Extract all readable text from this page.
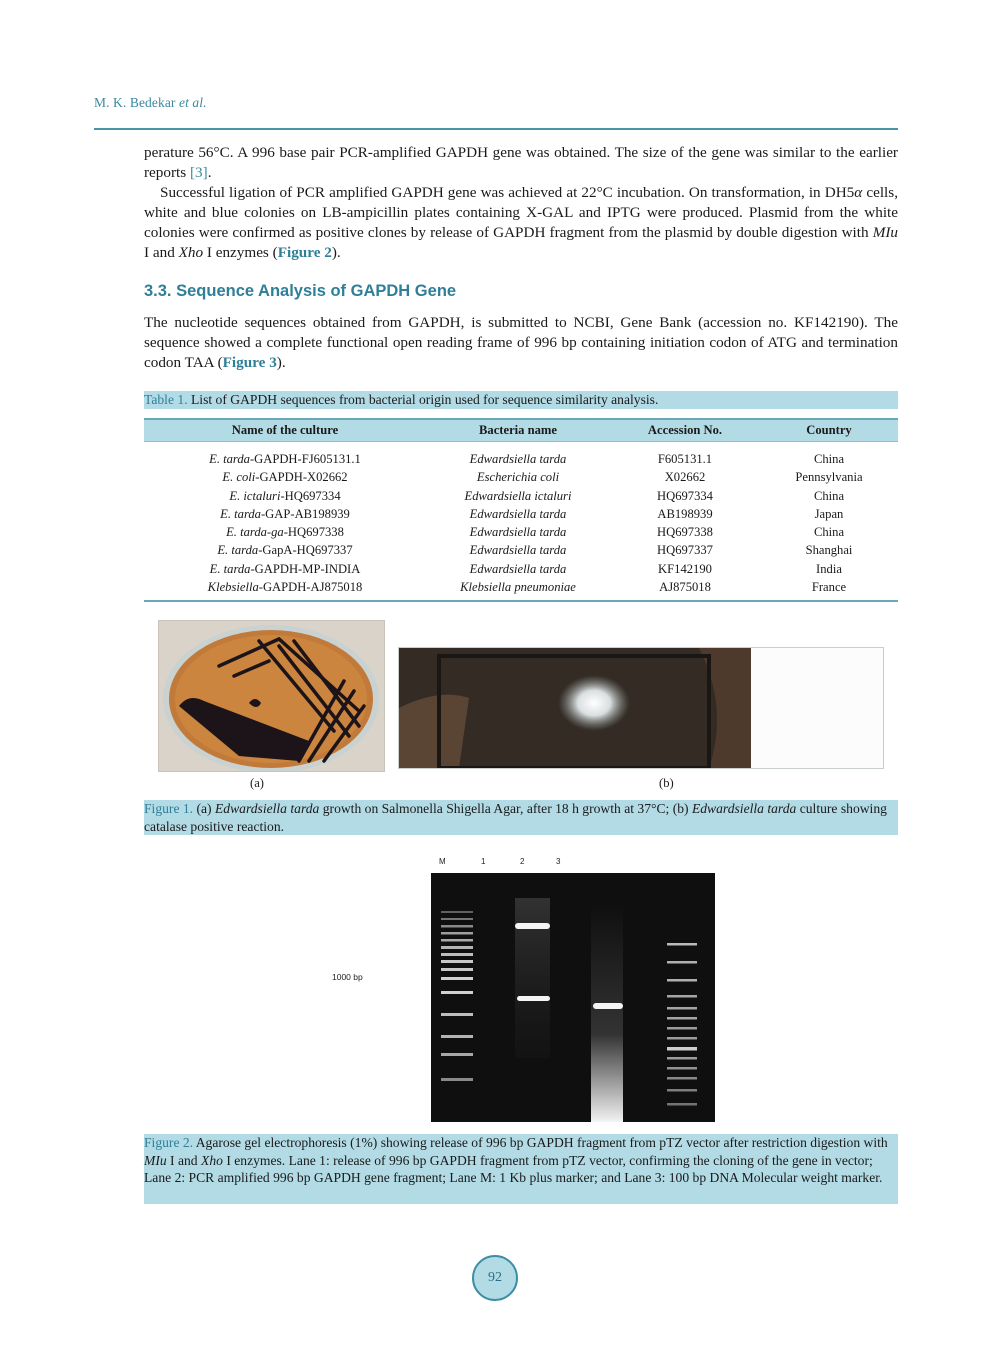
M. K. Bedekar et al.

perature 56°C. A 996 base pair PCR-amplified GAPDH gene was obtained. The size of the gene was similar to the earlier reports [3].

Successful ligation of PCR amplified GAPDH gene was achieved at 22°C incubation. On transformation, in DH5α cells, white and blue colonies on LB-ampicillin plates containing X-GAL and IPTG were produced. Plasmid from the white colonies were confirmed as positive clones by release of GAPDH fragment from the plasmid by double digestion with MIu I and Xho I enzymes (Figure 2).

3.3. Sequence Analysis of GAPDH Gene

The nucleotide sequences obtained from GAPDH, is submitted to NCBI, Gene Bank (accession no. KF142190). The sequence showed a complete functional open reading frame of 996 bp containing initiation codon of ATG and termination codon TAA (Figure 3).

Table 1. List of GAPDH sequences from bacterial origin used for sequence similarity analysis.
Name of the culture	Bacteria name	Accession No.	Country
E. tarda-GAPDH-FJ605131.1	Edwardsiella tarda	F605131.1	China
E. coli-GAPDH-X02662	Escherichia coli	X02662	Pennsylvania
E. ictaluri-HQ697334	Edwardsiella ictaluri	HQ697334	China
E. tarda-GAP-AB198939	Edwardsiella tarda	AB198939	Japan
E. tarda-ga-HQ697338	Edwardsiella tarda	HQ697338	China
E. tarda-GapA-HQ697337	Edwardsiella tarda	HQ697337	Shanghai
E. tarda-GAPDH-MP-INDIA	Edwardsiella tarda	KF142190	India
Klebsiella-GAPDH-AJ875018	Klebsiella pneumoniae	AJ875018	France
(a)	(b)
Figure 1. (a) Edwardsiella tarda growth on Salmonella Shigella Agar, after 18 h growth at 37°C; (b) Edwardsiella tarda culture showing catalase positive reaction.
M	1	2	3
1000 bp
Figure 2. Agarose gel electrophoresis (1%) showing release of 996 bp GAPDH fragment from pTZ vector after restriction digestion with MIu I and Xho I enzymes. Lane 1: release of 996 bp GAPDH fragment from pTZ vector, confirming the cloning of the gene in vector; Lane 2: PCR amplified 996 bp GAPDH gene fragment; Lane M: 1 Kb plus marker; and Lane 3: 100 bp DNA Molecular weight marker.
92
